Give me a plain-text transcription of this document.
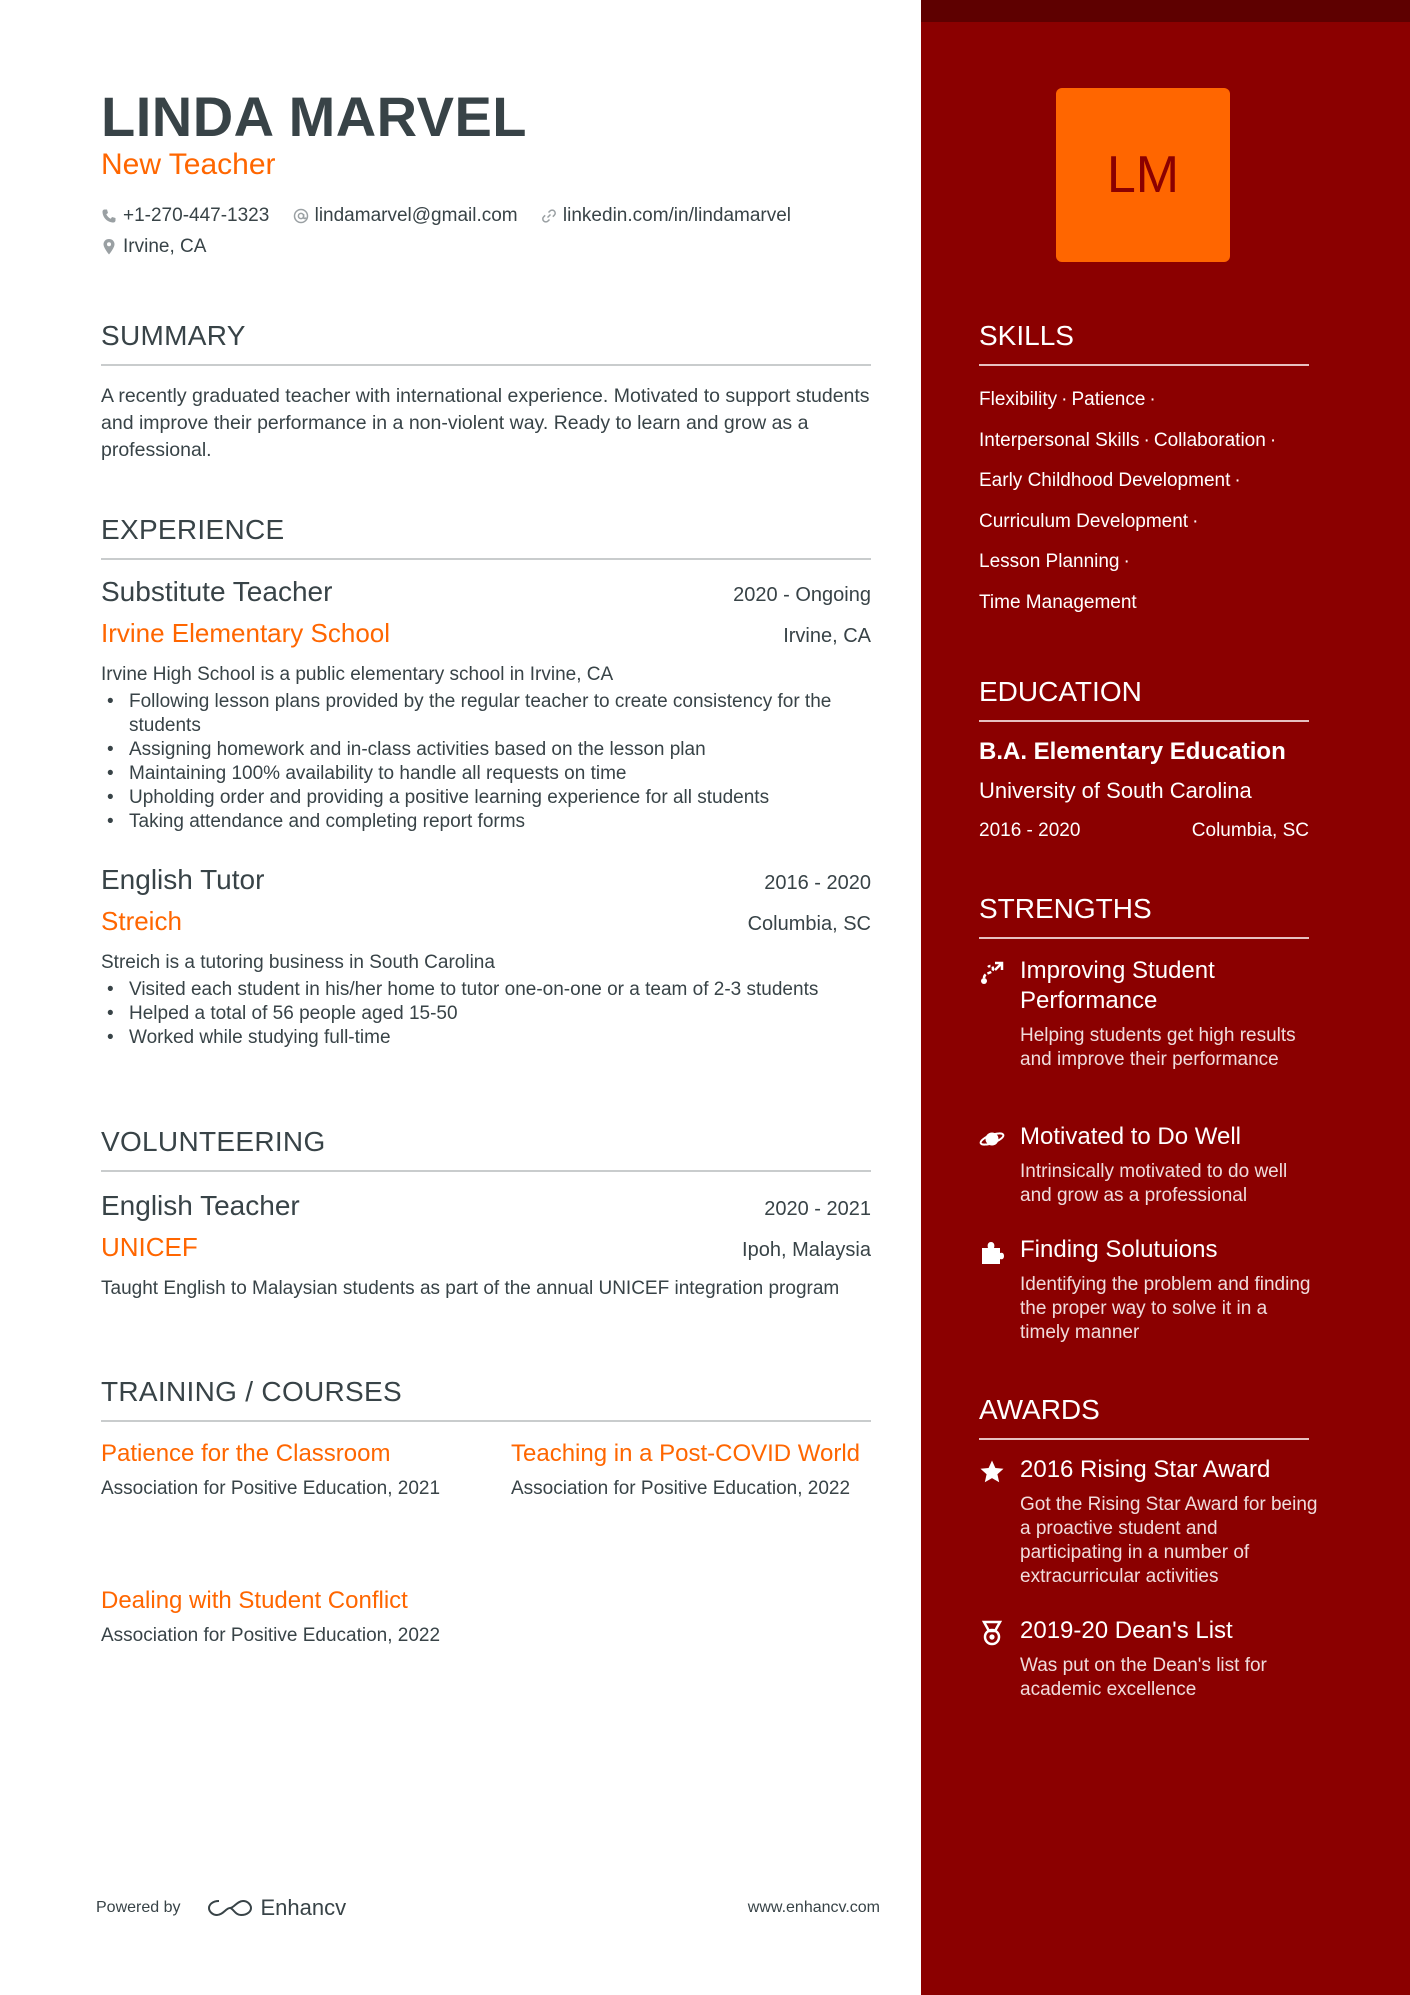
LINDA MARVEL
New Teacher
+1-270-447-1323
lindamarvel@gmail.com
linkedin.com/in/lindamarvel

Irvine, CA
SUMMARY
A recently graduated teacher with international experience. Motivated to support students and improve their performance in a non-violent way. Ready to learn and grow as a professional.
EXPERIENCE
Substitute Teacher	2020 - Ongoing
Irvine Elementary School	Irvine, CA
Irvine High School is a public elementary school in Irvine, CA
• Following lesson plans provided by the regular teacher to create consistency for the students
• Assigning homework and in-class activities based on the lesson plan
• Maintaining 100% availability to handle all requests on time
• Upholding order and providing a positive learning experience for all students
• Taking attendance and completing report forms
English Tutor	2016 - 2020
Streich	Columbia, SC
Streich is a tutoring business in South Carolina
• Visited each student in his/her home to tutor one-on-one or a team of 2-3 students
• Helped a total of 56 people aged 15-50
• Worked while studying full-time
VOLUNTEERING
English Teacher	2020 - 2021
UNICEF	Ipoh, Malaysia
Taught English to Malaysian students as part of the annual UNICEF integration program
TRAINING / COURSES
Patience for the Classroom
Association for Positive Education, 2021
Teaching in a Post-COVID World
Association for Positive Education, 2022
Dealing with Student Conflict
Association for Positive Education, 2022
Powered by	Enhancv	www.enhancv.com
LM
SKILLS
Flexibility · Patience ·
Interpersonal Skills · Collaboration ·
Early Childhood Development ·
Curriculum Development ·
Lesson Planning ·
Time Management
EDUCATION
B.A. Elementary Education
University of South Carolina
2016 - 2020	Columbia, SC
STRENGTHS
Improving Student Performance
Helping students get high results and improve their performance
Motivated to Do Well
Intrinsically motivated to do well and grow as a professional
Finding Solutuions
Identifying the problem and finding the proper way to solve it in a timely manner
AWARDS
2016 Rising Star Award
Got the Rising Star Award for being a proactive student and participating in a number of extracurricular activities
2019-20 Dean's List
Was put on the Dean's list for academic excellence
